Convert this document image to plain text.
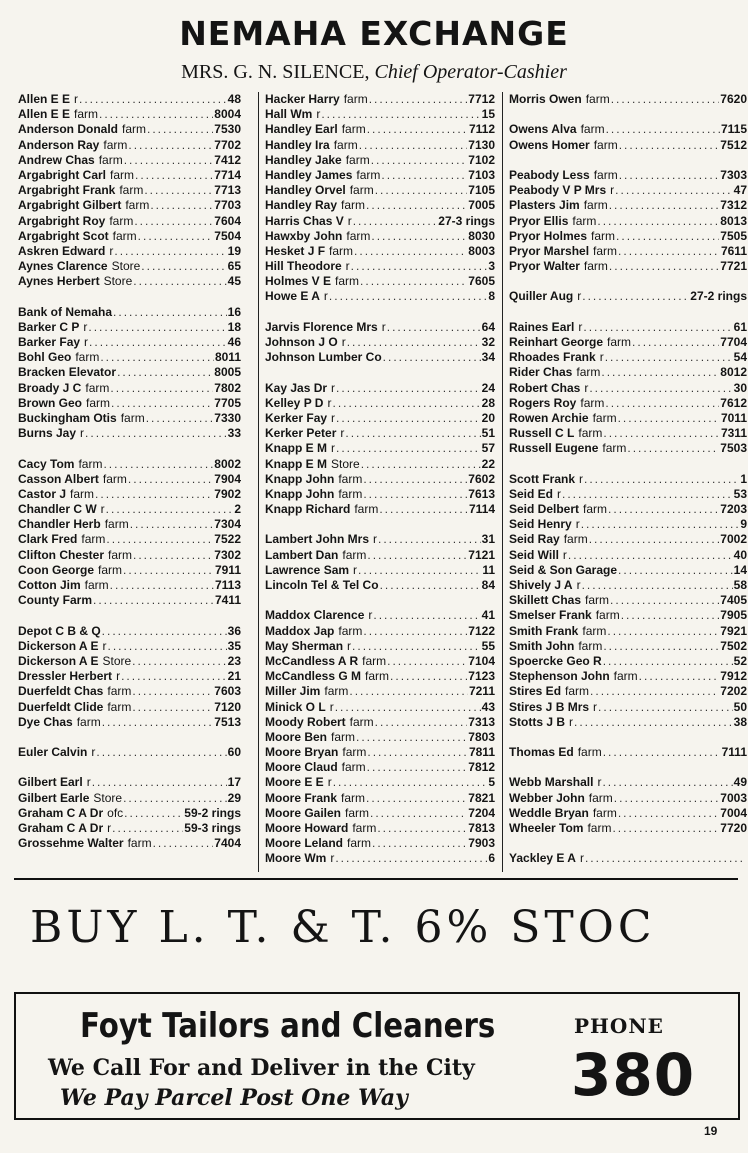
NEMAHA EXCHANGE
MRS. G. N. SILENCE, Chief Operator-Cashier
Allen E E r .....	48
Allen E E farm .....	8004
Anderson Donald farm .....	7530
Anderson Ray farm .....	7702
Andrew Chas farm .....	7412
Argabright Carl farm .....	7714
Argabright Frank farm .....	7713
Argabright Gilbert farm .....	7703
Argabright Roy farm .....	7604
Argabright Scot farm .....	7504
Askren Edward r .....	19
Aynes Clarence Store .....	65
Aynes Herbert Store .....	45
Bank of Nemaha .....	16
Barker C P r .....	18
Barker Fay r .....	46
Bohl Geo farm .....	8011
Bracken Elevator .....	8005
Broady J C farm .....	7802
Brown Geo farm .....	7705
Buckingham Otis farm .....	7330
Burns Jay r .....	33
Cacy Tom farm .....	8002
Casson Albert farm .....	7904
Castor J farm .....	7902
Chandler C W r .....	2
Chandler Herb farm .....	7304
Clark Fred farm .....	7522
Clifton Chester farm .....	7302
Coon George farm .....	7911
Cotton Jim farm .....	7113
County Farm .....	7411
Depot C B & Q .....	36
Dickerson A E r .....	35
Dickerson A E Store .....	23
Dressler Herbert r .....	21
Duerfeldt Chas farm .....	7603
Duerfeldt Clide farm .....	7120
Dye Chas farm .....	7513
Euler Calvin r .....	60
Gilbert Earl r .....	17
Gilbert Earle Store .....	29
Graham C A Dr ofc .....	59-2 rings
Graham C A Dr r .....	59-3 rings
Grossehme Walter farm .....	7404
Hacker Harry farm .....	7712
Hall Wm r .....	15
Handley Earl farm .....	7112
Handley Ira farm .....	7130
Handley Jake farm .....	7102
Handley James farm .....	7103
Handley Orvel farm .....	7105
Handley Ray farm .....	7005
Harris Chas V r .....	27-3 rings
Hawxby John farm .....	8030
Hesket J F farm .....	8003
Hill Theodore r .....	3
Holmes V E farm .....	7605
Howe E A r .....	8
Jarvis Florence Mrs r .....	64
Johnson J O r .....	32
Johnson Lumber Co .....	34
Kay Jas Dr r .....	24
Kelley P D r .....	28
Kerker Fay r .....	20
Kerker Peter r .....	51
Knapp E M r .....	57
Knapp E M Store .....	22
Knapp John farm .....	7602
Knapp John farm .....	7613
Knapp Richard farm .....	7114
Lambert John Mrs r .....	31
Lambert Dan farm .....	7121
Lawrence Sam r .....	11
Lincoln Tel & Tel Co .....	84
Maddox Clarence r .....	41
Maddox Jap farm .....	7122
May Sherman r .....	55
McCandless A R farm .....	7104
McCandless G M farm .....	7123
Miller Jim farm .....	7211
Minick O L r .....	43
Moody Robert farm .....	7313
Moore Ben farm .....	7803
Moore Bryan farm .....	7811
Moore Claud farm .....	7812
Moore E E r .....	5
Moore Frank farm .....	7821
Moore Gailen farm .....	7204
Moore Howard farm .....	7813
Moore Leland farm .....	7903
Moore Wm r .....	6
Morris Owen farm .....	7620
Owens Alva farm .....	7115
Owens Homer farm .....	7512
Peabody Less farm .....	7303
Peabody V P Mrs r .....	47
Plasters Jim farm .....	7312
Pryor Ellis farm .....	8013
Pryor Holmes farm .....	7505
Pryor Marshel farm .....	7611
Pryor Walter farm .....	7721
Quiller Aug r .....	27-2 rings
Raines Earl r .....	61
Reinhart George farm .....	7704
Rhoades Frank r .....	54
Rider Chas farm .....	8012
Robert Chas r .....	30
Rogers Roy farm .....	7612
Rowen Archie farm .....	7011
Russell C L farm .....	7311
Russell Eugene farm .....	7503
Scott Frank r .....	1
Seid Ed r .....	53
Seid Delbert farm .....	7203
Seid Henry r .....	9
Seid Ray farm .....	7002
Seid Will r .....	40
Seid & Son Garage .....	14
Shively J A r .....	58
Skillett Chas farm .....	7405
Smelser Frank farm .....	7905
Smith Frank farm .....	7921
Smith John farm .....	7502
Spoercke Geo R .....	52
Stephenson John farm .....	7912
Stires Ed farm .....	7202
Stires J B Mrs r .....	50
Stotts J B r .....	38
Thomas Ed farm .....	7111
Webb Marshall r .....	49
Webber John farm .....	7003
Weddle Bryan farm .....	7004
Wheeler Tom farm .....	7720
Yackley E A r
.....
BUY L. T. & T. 6% STOC
Foyt Tailors and Cleaners
We Call For and Deliver in the City
We Pay Parcel Post One Way
PHONE
380
19
